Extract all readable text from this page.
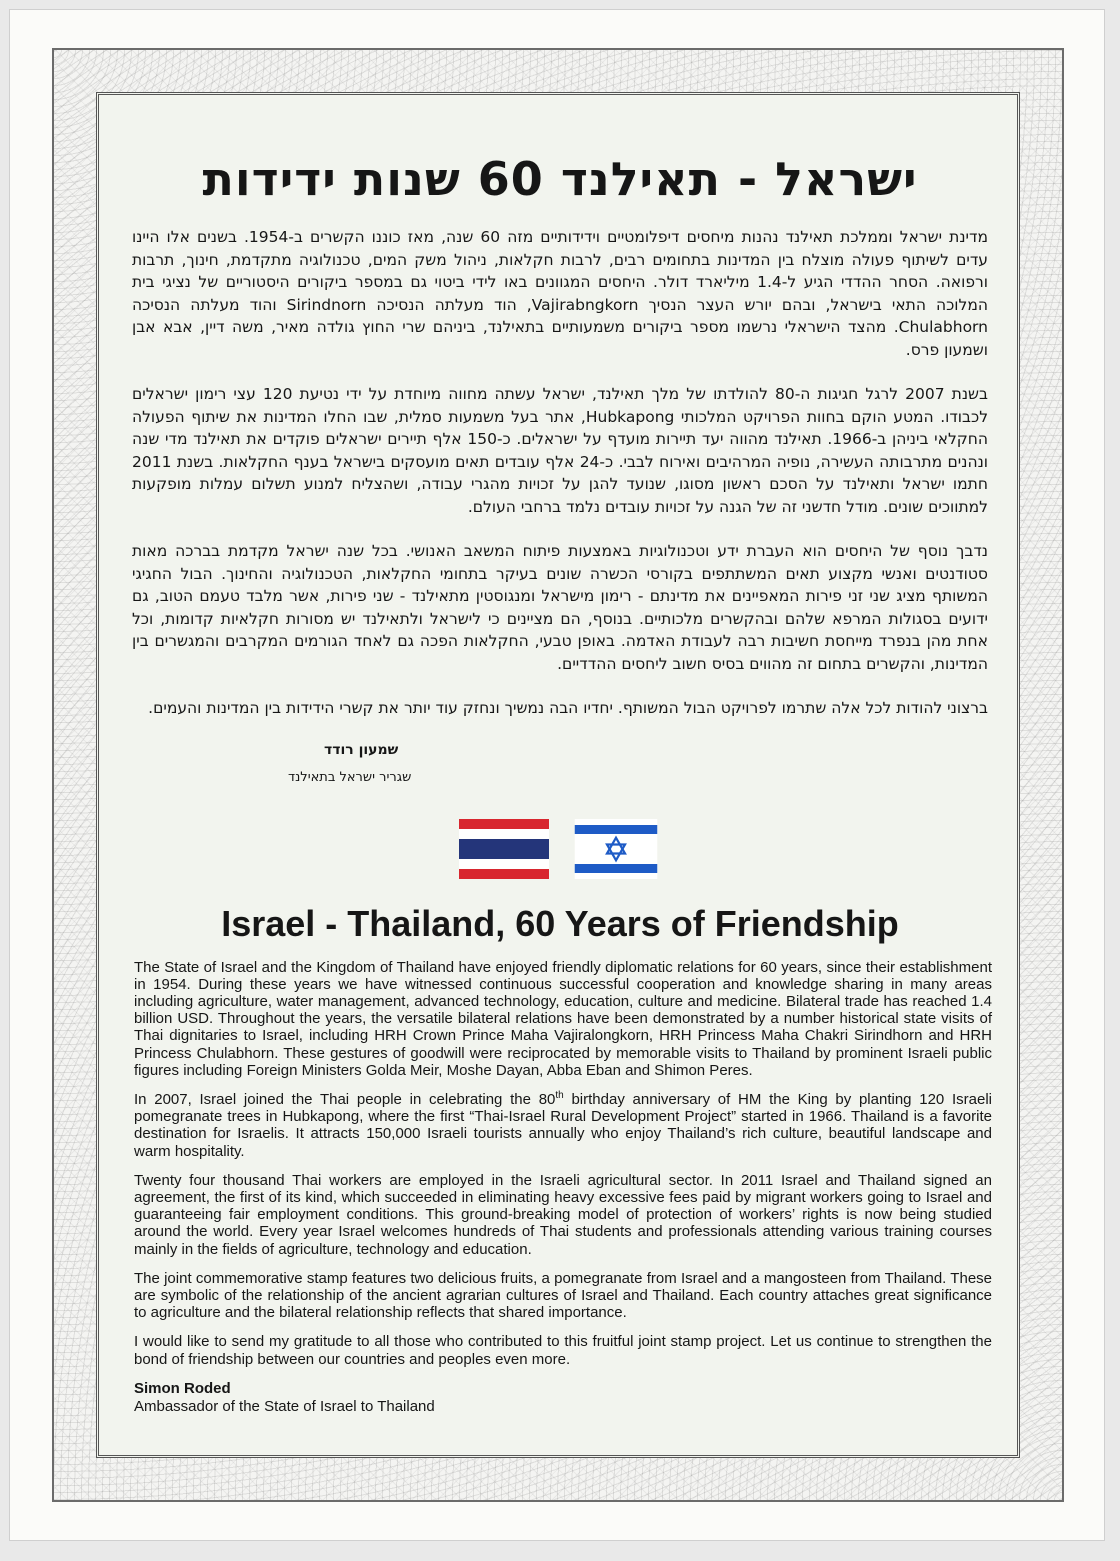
ישראל - תאילנד 60 שנות ידידות

מדינת ישראל וממלכת תאילנד נהנות מיחסים דיפלומטיים וידידותיים מזה 60 שנה, מאז כוננו הקשרים ב-1954. בשנים אלו היינו עדים לשיתוף פעולה מוצלח בין המדינות בתחומים רבים, לרבות חקלאות, ניהול משק המים, טכנולוגיה מתקדמת, חינוך, תרבות ורפואה. הסחר ההדדי הגיע ל-1.4 מיליארד דולר. היחסים המגוונים באו לידי ביטוי גם במספר ביקורים היסטוריים של נציגי בית המלוכה התאי בישראל, ובהם יורש העצר הנסיך Vajirabngkorn, הוד מעלתה הנסיכה Sirindnorn והוד מעלתה הנסיכה Chulabhorn. מהצד הישראלי נרשמו מספר ביקורים משמעותיים בתאילנד, ביניהם שרי החוץ גולדה מאיר, משה דיין, אבא אבן ושמעון פרס.

בשנת 2007 לרגל חגיגות ה-80 להולדתו של מלך תאילנד, ישראל עשתה מחווה מיוחדת על ידי נטיעת 120 עצי רימון ישראלים לכבודו. המטע הוקם בחוות הפרויקט המלכותי Hubkapong, אתר בעל משמעות סמלית, שבו החלו המדינות את שיתוף הפעולה החקלאי ביניהן ב-1966. תאילנד מהווה יעד תיירות מועדף על ישראלים. כ-150 אלף תיירים ישראלים פוקדים את תאילנד מדי שנה ונהנים מתרבותה העשירה, נופיה המרהיבים ואירוח לבבי. כ-24 אלף עובדים תאים מועסקים בישראל בענף החקלאות. בשנת 2011 חתמו ישראל ותאילנד על הסכם ראשון מסוגו, שנועד להגן על זכויות מהגרי עבודה, ושהצליח למנוע תשלום עמלות מופקעות למתווכים שונים. מודל חדשני זה של הגנה על זכויות עובדים נלמד ברחבי העולם.

נדבך נוסף של היחסים הוא העברת ידע וטכנולוגיות באמצעות פיתוח המשאב האנושי. בכל שנה ישראל מקדמת בברכה מאות סטודנטים ואנשי מקצוע תאים המשתתפים בקורסי הכשרה שונים בעיקר בתחומי החקלאות, הטכנולוגיה והחינוך. הבול החגיגי המשותף מציג שני זני פירות המאפיינים את מדינתם - רימון מישראל ומנגוסטין מתאילנד - שני פירות, אשר מלבד טעמם הטוב, גם ידועים בסגולות המרפא שלהם ובהקשרים מלכותיים. בנוסף, הם מציינים כי לישראל ולתאילנד יש מסורות חקלאיות קדומות, וכל אחת מהן בנפרד מייחסת חשיבות רבה לעבודת האדמה. באופן טבעי, החקלאות הפכה גם לאחד הגורמים המקרבים והמגשרים בין המדינות, והקשרים בתחום זה מהווים בסיס חשוב ליחסים ההדדיים.

ברצוני להודות לכל אלה שתרמו לפרויקט הבול המשותף. יחדיו הבה נמשיך ונחזק עוד יותר את קשרי הידידות בין המדינות והעמים.

שמעון רודד
שגריר ישראל בתאילנד
Israel - Thailand, 60 Years of Friendship

The State of Israel and the Kingdom of Thailand have enjoyed friendly diplomatic relations for 60 years, since their establishment in 1954. During these years we have witnessed continuous successful cooperation and knowledge sharing in many areas including agriculture, water management, advanced technology, education, culture and medicine. Bilateral trade has reached 1.4 billion USD. Throughout the years, the versatile bilateral relations have been demonstrated by a number historical state visits of Thai dignitaries to Israel, including HRH Crown Prince Maha Vajiralongkorn, HRH Princess Maha Chakri Sirindhorn and HRH Princess Chulabhorn. These gestures of goodwill were reciprocated by memorable visits to Thailand by prominent Israeli public figures including Foreign Ministers Golda Meir, Moshe Dayan, Abba Eban and Shimon Peres.

In 2007, Israel joined the Thai people in celebrating the 80th birthday anniversary of HM the King by planting 120 Israeli pomegranate trees in Hubkapong, where the first “Thai-Israel Rural Development Project” started in 1966. Thailand is a favorite destination for Israelis. It attracts 150,000 Israeli tourists annually who enjoy Thailand’s rich culture, beautiful landscape and warm hospitality.

Twenty four thousand Thai workers are employed in the Israeli agricultural sector. In 2011 Israel and Thailand signed an agreement, the first of its kind, which succeeded in eliminating heavy excessive fees paid by migrant workers going to Israel and guaranteeing fair employment conditions. This ground-breaking model of protection of workers’ rights is now being studied around the world. Every year Israel welcomes hundreds of Thai students and professionals attending various training courses mainly in the fields of agriculture, technology and education.

The joint commemorative stamp features two delicious fruits, a pomegranate from Israel and a mangosteen from Thailand. These are symbolic of the relationship of the ancient agrarian cultures of Israel and Thailand. Each country attaches great significance to agriculture and the bilateral relationship reflects that shared importance.

I would like to send my gratitude to all those who contributed to this fruitful joint stamp project. Let us continue to strengthen the bond of friendship between our countries and peoples even more.

Simon Roded
Ambassador of the State of Israel to Thailand
